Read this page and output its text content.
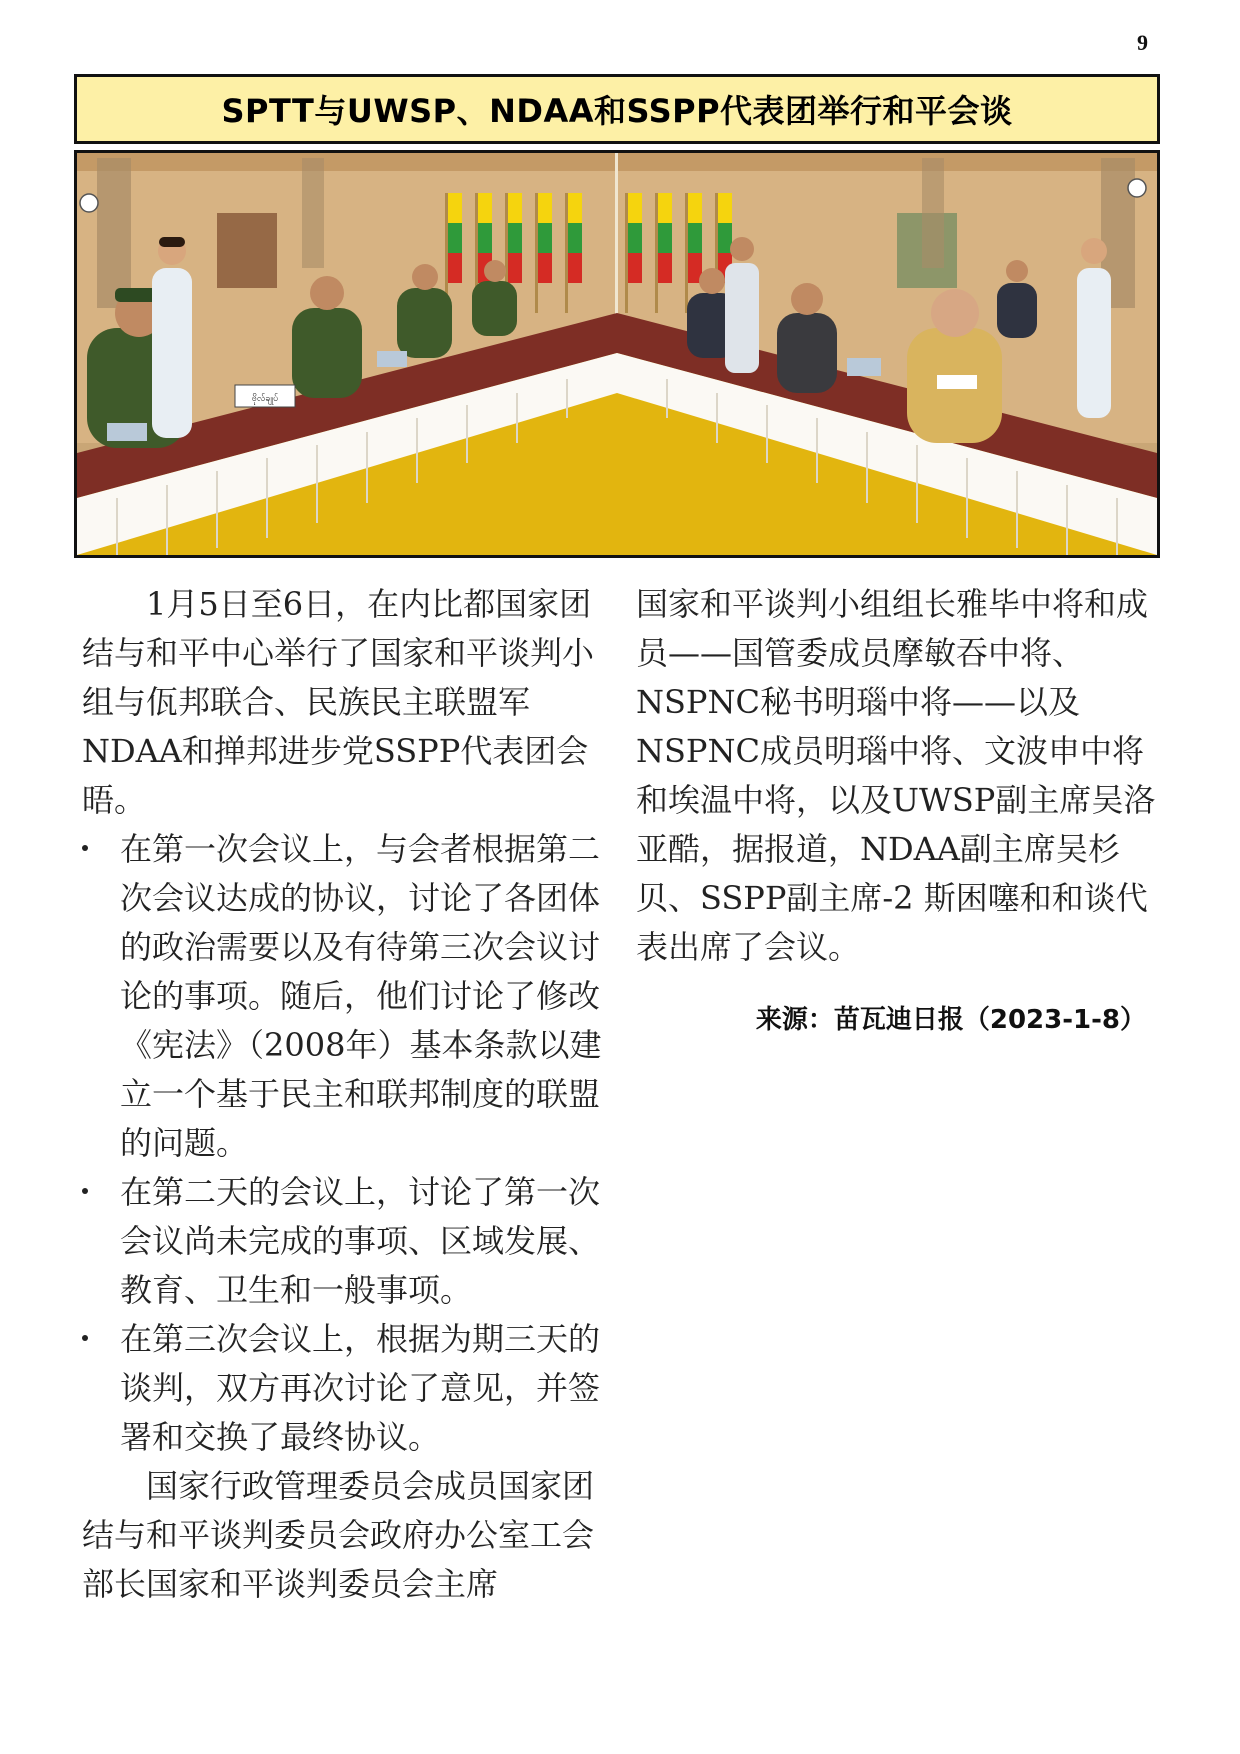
9
SPTT与UWSP、NDAA和SSPP代表团举行和平会谈
ဗိုလ်ချုပ်

1月5日至6日，在内比都国家团结与和平中心举行了国家和平谈判小组与佤邦联合、民族民主联盟军NDAA和掸邦进步党SSPP代表团会晤。

在第一次会议上，与会者根据第二次会议达成的协议，讨论了各团体的政治需要以及有待第三次会议讨论的事项。随后，他们讨论了修改《宪法》（2008年）基本条款以建立一个基于民主和联邦制度的联盟的问题。
在第二天的会议上，讨论了第一次会议尚未完成的事项、区域发展、教育、卫生和一般事项。
在第三次会议上，根据为期三天的谈判，双方再次讨论了意见，并签署和交换了最终协议。

国家行政管理委员会成员国家团结与和平谈判委员会政府办公室工会部长国家和平谈判委员会主席

国家和平谈判小组组长雅毕中将和成员——国管委成员摩敏吞中将、NSPNC秘书明瑙中将——以及NSPNC成员明瑙中将、文波申中将和埃温中将，以及UWSP副主席吴洛亚酷，据报道，NDAA副主席吴杉贝、SSPP副主席-2 斯困噻和和谈代表出席了会议。

来源：苗瓦迪日报（2023-1-8）
